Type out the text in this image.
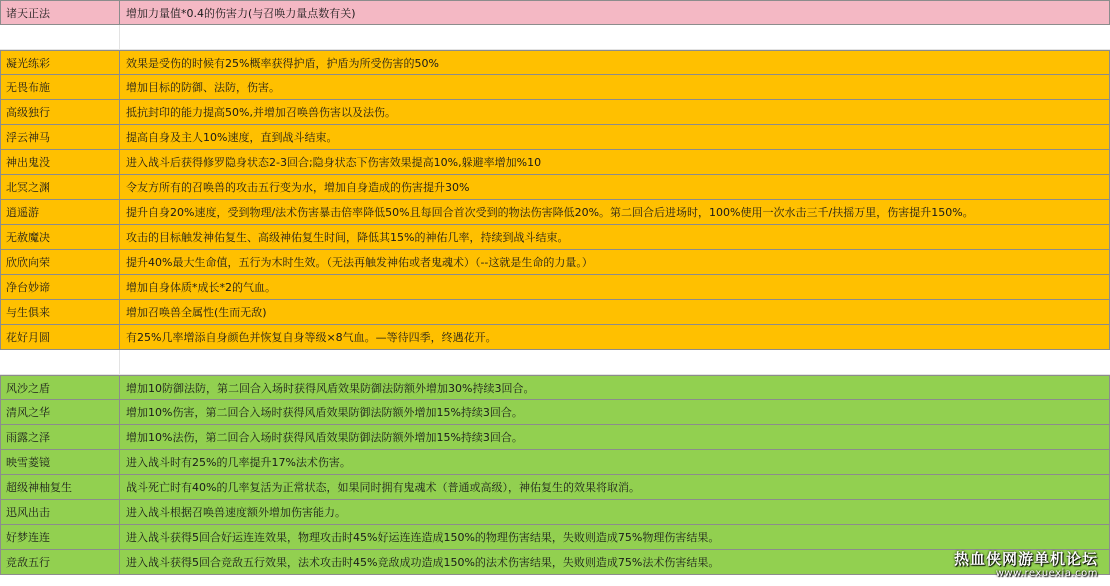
诸天正法	增加力量值*0.4的伤害力(与召唤力量点数有关)
凝光练彩	效果是受伤的时候有25%概率获得护盾，护盾为所受伤害的50%
无畏布施	增加目标的防御、法防，伤害。
高级独行	抵抗封印的能力提高50%,并增加召唤兽伤害以及法伤。
浮云神马	提高自身及主人10%速度，直到战斗结束。
神出鬼没	进入战斗后获得修罗隐身状态2-3回合;隐身状态下伤害效果提高10%,躲避率增加%10
北冥之渊	令友方所有的召唤兽的攻击五行变为水，增加自身造成的伤害提升30%
逍遥游	提升自身20%速度，受到物理/法术伤害暴击倍率降低50%且每回合首次受到的物法伤害降低20%。第二回合后进场时，100%使用一次水击三千/扶摇万里，伤害提升150%。
无赦魔决	攻击的目标触发神佑复生、高级神佑复生时间，降低其15%的神佑几率，持续到战斗结束。
欣欣向荣	提升40%最大生命值，五行为木时生效。（无法再触发神佑或者鬼魂术）（--这就是生命的力量。）
净台妙谛	增加自身体质*成长*2的气血。
与生俱来	增加召唤兽全属性(生而无敌)
花好月圆	有25%几率增添自身颜色并恢复自身等级×8气血。—等待四季，终遇花开。
风沙之盾	增加10防御法防，第二回合入场时获得风盾效果防御法防额外增加30%持续3回合。
清风之华	增加10%伤害，第二回合入场时获得风盾效果防御法防额外增加15%持续3回合。
雨露之泽	增加10%法伤，第二回合入场时获得风盾效果防御法防额外增加15%持续3回合。
映雪菱镜	进入战斗时有25%的几率提升17%法术伤害。
超级神柚复生	战斗死亡时有40%的几率复活为正常状态，如果同时拥有鬼魂术（普通或高级），神佑复生的效果将取消。
迅风出击	进入战斗根据召唤兽速度额外增加伤害能力。
好梦连连	进入战斗获得5回合好运连连效果，物理攻击时45%好运连连造成150%的物理伤害结果，失败则造成75%物理伤害结果。
竞敌五行	进入战斗获得5回合竞敌五行效果，法术攻击时45%竞敌成功造成150%的法术伤害结果，失败则造成75%法术伤害结果。	热血侠网游单机论坛
www.rexuexia.com
